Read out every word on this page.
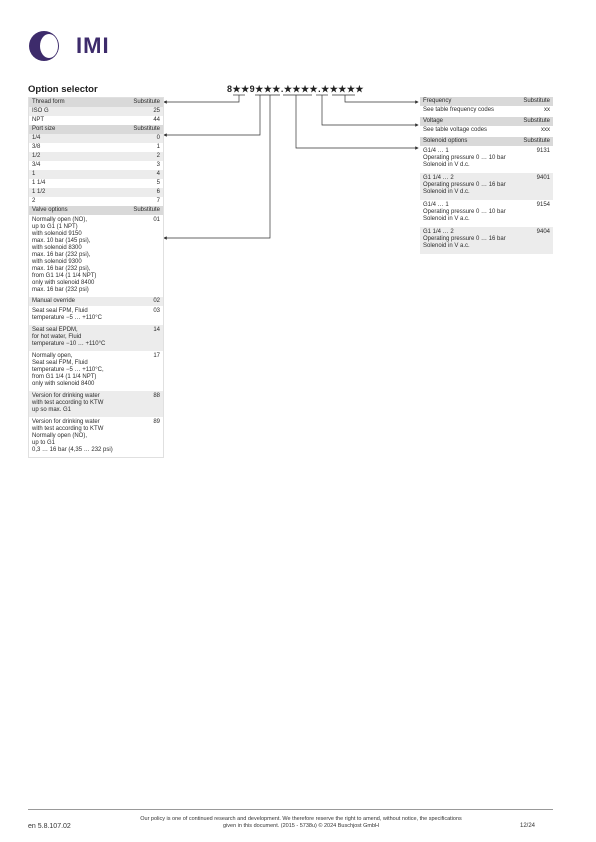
IMI
Option selector	8★★9★★★.★★★★.★★★★★
Thread form	Substitute
ISO G	25
NPT	44
Port size	Substitute
1/4	0
3/8	1
1/2	2
3/4	3
1	4
1 1/4	5
1 1/2	6
2	7
Valve options	Substitute
Normally open (NO),
up to G1 (1 NPT)
with solenoid 9150
max. 10 bar (145 psi),
with solenoid 8300
max. 16 bar (232 psi),
with solenoid 9300
max. 16 bar (232 psi),
from G1 1/4 (1 1/4 NPT)
only with solenoid 8400
max. 16 bar (232 psi)
01
Manual override	02
Seat seal FPM, Fluid
temperature −5 … +110°C
03
Seat seal EPDM,
for hot water, Fluid
temperature −10 … +110°C
14
Normally open,
Seat seal FPM, Fluid
temperature −5 … +110°C,
from G1 1/4 (1 1/4 NPT)
only with solenoid 8400
17
Version for drinking water
with test according to KTW
up so max. G1
88
Version for drinking water
with test according to KTW
Normally open (NO),
up to G1
0,3 … 16 bar (4,35 … 232 psi)
89
Frequency	Substitute
See table frequency codes	xx
Voltage	Substitute
See table voltage codes	xxx
Solenoid options	Substitute
G1/4 … 1
Operating pressure 0 … 10 bar
Solenoid in V d.c.
9131
G1 1/4 … 2
Operating pressure 0 … 16 bar
Solenoid in V d.c.
9401
G1/4 … 1
Operating pressure 0 … 10 bar
Solenoid in V a.c.
9154
G1 1/4 … 2
Operating pressure 0 … 16 bar
Solenoid in V a.c.
9404
en 5.8.107.02
Our policy is one of continued research and development. We therefore reserve the right to amend, without notice, the specifications given in this document. (2015 - 5738u) © 2024 Buschjost GmbH	12/24
